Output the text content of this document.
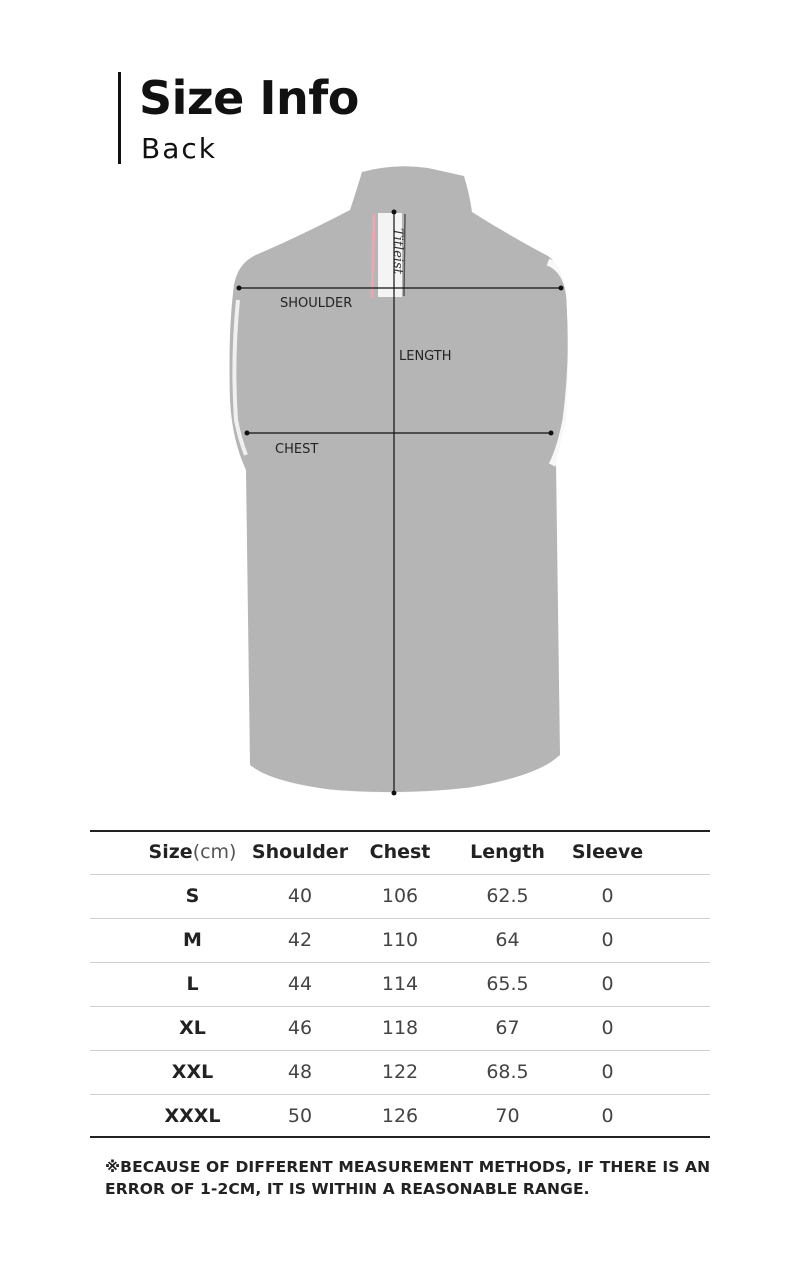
Size Info
Back
Titleist
SHOULDER
LENGTH
CHEST
Size(cm) Shoulder	Chest	Length	Sleeve
S	40	106	62.5	0
M	42	110	64	0
L	44	114	65.5	0
XL	46	118	67	0
XXL	48	122	68.5	0
XXXL	50	126	70	0
※BECAUSE OF DIFFERENT MEASUREMENT METHODS, IF THERE IS AN ERROR OF 1-2CM, IT IS WITHIN A REASONABLE RANGE.
